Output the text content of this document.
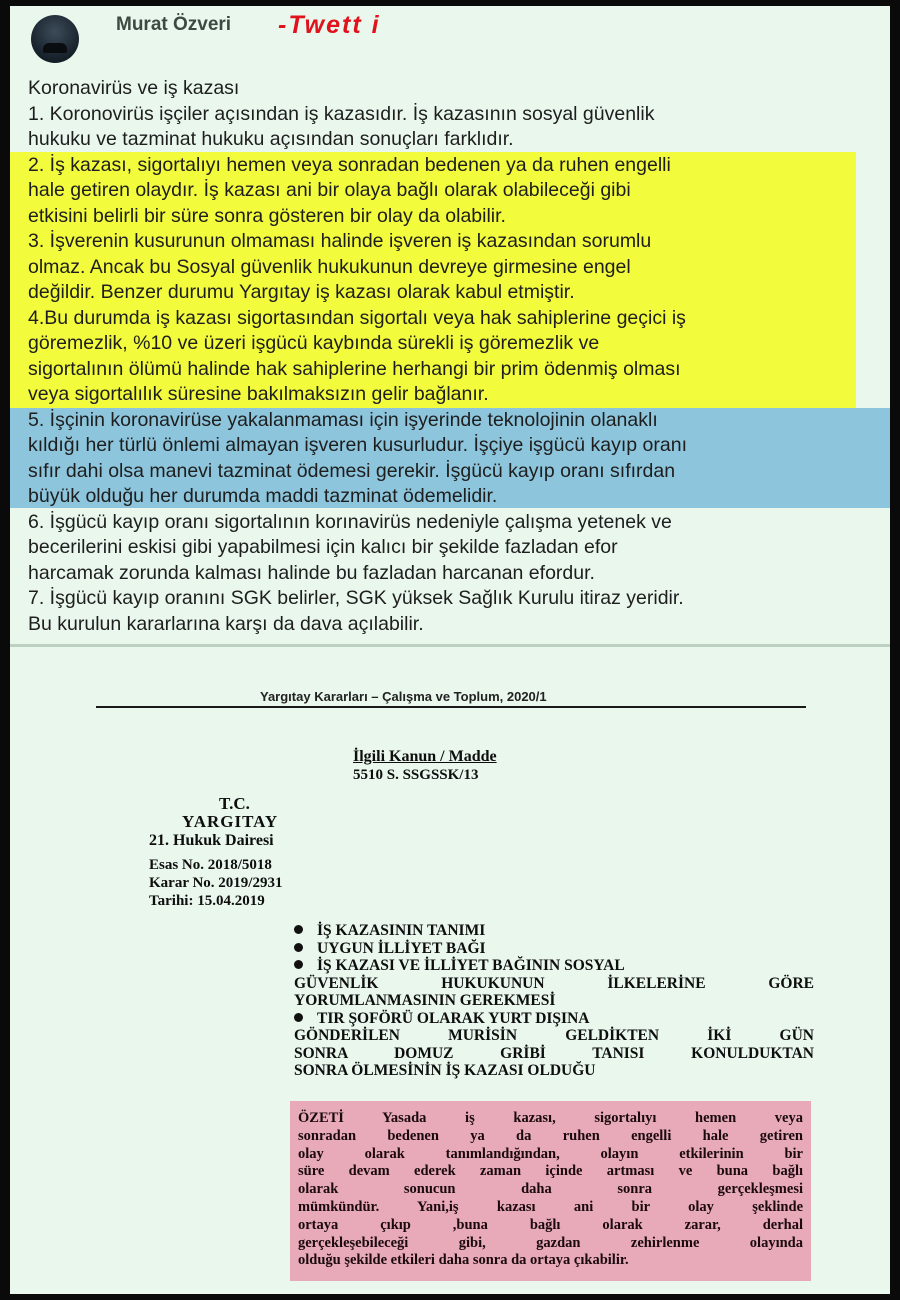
Murat Özveri -Twett i
Koronavirüs ve iş kazası
1. Koronovirüs işçiler açısından iş kazasıdır. İş kazasının sosyal güvenlik
hukuku ve tazminat hukuku açısından sonuçları farklıdır.
2. İş kazası, sigortalıyı hemen veya sonradan bedenen ya da ruhen engelli
hale getiren olaydır. İş kazası ani bir olaya bağlı olarak olabileceği gibi
etkisini belirli bir süre sonra gösteren bir olay da olabilir.
3. İşverenin kusurunun olmaması halinde işveren iş kazasından sorumlu
olmaz. Ancak bu Sosyal güvenlik hukukunun devreye girmesine engel
değildir. Benzer durumu Yargıtay iş kazası olarak kabul etmiştir.
4.Bu durumda iş kazası sigortasından sigortalı veya hak sahiplerine geçici iş
göremezlik, %10 ve üzeri işgücü kaybında sürekli iş göremezlik ve
sigortalının ölümü halinde hak sahiplerine herhangi bir prim ödenmiş olması
veya sigortalılık süresine bakılmaksızın gelir bağlanır.
5. İşçinin koronavirüse yakalanmaması için işyerinde teknolojinin olanaklı
kıldığı her türlü önlemi almayan işveren kusurludur. İşçiye işgücü kayıp oranı
sıfır dahi olsa manevi tazminat ödemesi gerekir. İşgücü kayıp oranı sıfırdan
büyük olduğu her durumda maddi tazminat ödemelidir.
6. İşgücü kayıp oranı sigortalının korınavirüs nedeniyle çalışma yetenek ve
becerilerini eskisi gibi yapabilmesi için kalıcı bir şekilde fazladan efor
harcamak zorunda kalması halinde bu fazladan harcanan efordur.
7. İşgücü kayıp oranını SGK belirler, SGK yüksek Sağlık Kurulu itiraz yeridir.
Bu kurulun kararlarına karşı da dava açılabilir.
Yargıtay Kararları – Çalışma ve Toplum, 2020/1
İlgili Kanun / Madde
5510 S. SSGSSK/13
T.C.
YARGITAY
21. Hukuk Dairesi
Esas No. 2018/5018
Karar No. 2019/2931
Tarihi: 15.04.2019
İŞ KAZASININ TANIMI
UYGUN İLLİYET BAĞI
İŞ KAZASI VE İLLİYET BAĞININ SOSYAL
GÜVENLİK HUKUKUNUN İLKELERİNE GÖRE
YORUMLANMASININ GEREKMESİ
TIR ŞOFÖRÜ OLARAK YURT DIŞINA
GÖNDERİLEN MURİSİN GELDİKTEN İKİ GÜN
SONRA DOMUZ GRİBİ TANISI KONULDUKTAN
SONRA ÖLMESİNİN İŞ KAZASI OLDUĞU
ÖZETİ Yasada iş kazası, sigortalıyı hemen veya
sonradan bedenen ya da ruhen engelli hale getiren
olay olarak tanımlandığından, olayın etkilerinin bir
süre devam ederek zaman içinde artması ve buna bağlı
olarak sonucun daha sonra gerçekleşmesi
mümkündür. Yani,iş kazası ani bir olay şeklinde
ortaya çıkıp ,buna bağlı olarak zarar, derhal
gerçekleşebileceği gibi, gazdan zehirlenme olayında
olduğu şekilde etkileri daha sonra da ortaya çıkabilir.
